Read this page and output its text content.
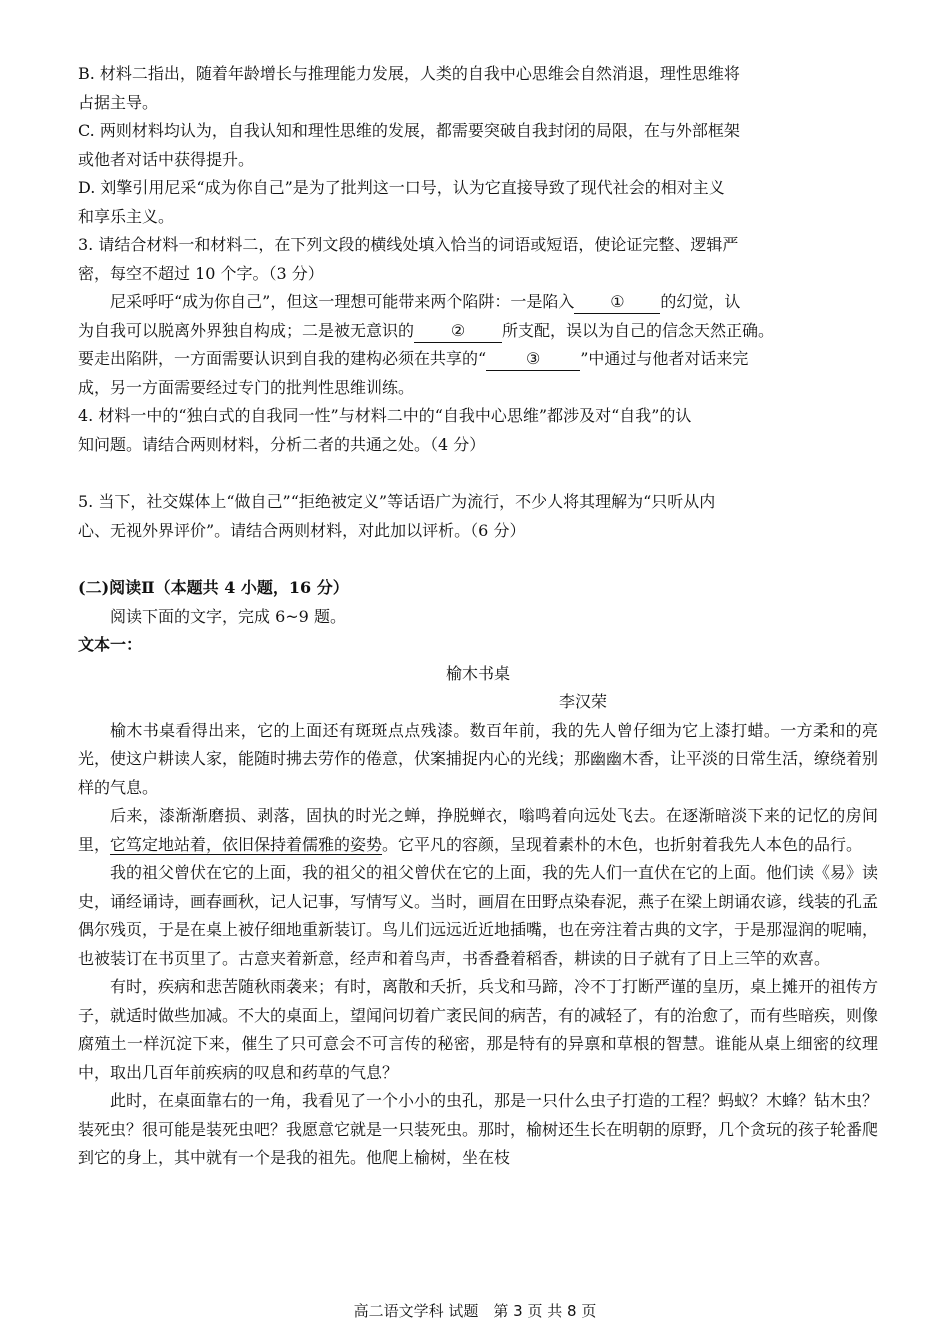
B. 材料二指出，随着年龄增长与推理能力发展，人类的自我中心思维会自然消退，理性思维将
占据主导。

C. 两则材料均认为，自我认知和理性思维的发展，都需要突破自我封闭的局限，在与外部框架
或他者对话中获得提升。

D. 刘擎引用尼采“成为你自己”是为了批判这一口号，认为它直接导致了现代社会的相对主义
和享乐主义。

3. 请结合材料一和材料二，在下列文段的横线处填入恰当的词语或短语，使论证完整、逻辑严
密，每空不超过 10 个字。（3 分）

尼采呼吁“成为你自己”，但这一理想可能带来两个陷阱：一是陷入 ① 的幻觉，认
为自我可以脱离外界独自构成；二是被无意识的 ② 所支配，误以为自己的信念天然正确。
要走出陷阱，一方面需要认识到自我的建构必须在共享的“ ③ ”中通过与他者对话来完
成，另一方面需要经过专门的批判性思维训练。

4. 材料一中的“独白式的自我同一性”与材料二中的“自我中心思维”都涉及对“自我”的认
知问题。请结合两则材料，分析二者的共通之处。（4 分）

5. 当下，社交媒体上“做自己”“拒绝被定义”等话语广为流行，不少人将其理解为“只听从内
心、无视外界评价”。请结合两则材料，对此加以评析。（6 分）

(二)阅读Ⅱ（本题共 4 小题，16 分）

阅读下面的文字，完成 6~9 题。

文本一：

榆木书桌

李汉荣

榆木书桌看得出来，它的上面还有斑斑点点残漆。数百年前，我的先人曾仔细为它上漆打蜡。一方柔和的亮光，使这户耕读人家，能随时拂去劳作的倦意，伏案捕捉内心的光线；那幽幽木香，让平淡的日常生活，缭绕着别样的气息。

后来，漆渐渐磨损、剥落，固执的时光之蝉，挣脱蝉衣，嗡鸣着向远处飞去。在逐渐暗淡下来的记忆的房间里，它笃定地站着，依旧保持着儒雅的姿势。它平凡的容颜，呈现着素朴的木色，也折射着我先人本色的品行。

我的祖父曾伏在它的上面，我的祖父的祖父曾伏在它的上面，我的先人们一直伏在它的上面。他们读《易》读史，诵经诵诗，画春画秋，记人记事，写情写义。当时，画眉在田野点染春泥，燕子在梁上朗诵农谚，线装的孔孟偶尔残页，于是在桌上被仔细地重新装订。鸟儿们远远近近地插嘴，也在旁注着古典的文字，于是那湿润的呢喃，也被装订在书页里了。古意夹着新意，经声和着鸟声，书香叠着稻香，耕读的日子就有了日上三竿的欢喜。

有时，疾病和悲苦随秋雨袭来；有时，离散和夭折，兵戈和马蹄，冷不丁打断严谨的皇历，桌上摊开的祖传方子，就适时做些加减。不大的桌面上，望闻问切着广袤民间的病苦，有的减轻了，有的治愈了，而有些暗疾，则像腐殖土一样沉淀下来，催生了只可意会不可言传的秘密，那是特有的异禀和草根的智慧。谁能从桌上细密的纹理中，取出几百年前疾病的叹息和药草的气息？

此时，在桌面靠右的一角，我看见了一个小小的虫孔，那是一只什么虫子打造的工程？蚂蚁？木蜂？钻木虫？装死虫？很可能是装死虫吧？我愿意它就是一只装死虫。那时，榆树还生长在明朝的原野，几个贪玩的孩子轮番爬到它的身上，其中就有一个是我的祖先。他爬上榆树，坐在枝

高二语文学科 试题　第 3 页 共 8 页
